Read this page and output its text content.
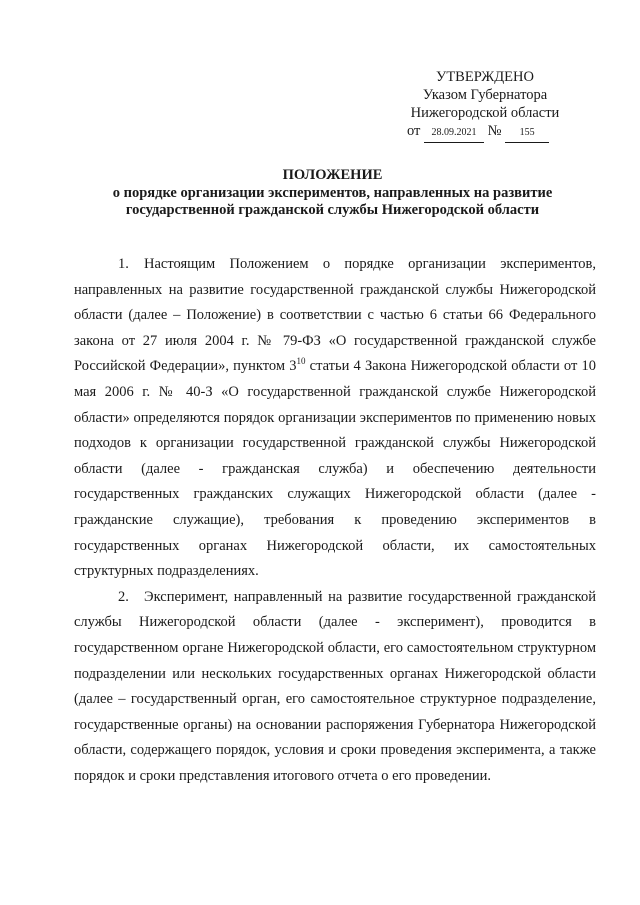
УТВЕРЖДЕНО
Указом Губернатора
Нижегородской области
от 28.09.2021 № 155
ПОЛОЖЕНИЕ
о порядке организации экспериментов, направленных на развитие
государственной гражданской службы Нижегородской области

1. Настоящим Положением о порядке организации экспериментов, направленных на развитие государственной гражданской службы Нижегородской области (далее – Положение) в соответствии с частью 6 статьи 66 Федерального закона от 27 июля 2004 г. № 79-ФЗ «О государственной гражданской службе Российской Федерации», пунктом $3^{10}$ статьи 4 Закона Нижегородской области от 10 мая 2006 г. № 40-З «О государственной гражданской службе Нижегородской области» определяются порядок организации экспериментов по применению новых подходов к организации государственной гражданской службы Нижегородской области (далее - гражданская служба) и обеспечению деятельности государственных гражданских служащих Нижегородской области (далее - гражданские служащие), требования к проведению экспериментов в государственных органах Нижегородской области, их самостоятельных структурных подразделениях.

2. Эксперимент, направленный на развитие государственной гражданской службы Нижегородской области (далее - эксперимент), проводится в государственном органе Нижегородской области, его самостоятельном структурном подразделении или нескольких государственных органах Нижегородской области (далее – государственный орган, его самостоятельное структурное подразделение, государственные органы) на основании распоряжения Губернатора Нижегородской области, содержащего порядок, условия и сроки проведения эксперимента, а также порядок и сроки представления итогового отчета о его проведении.
